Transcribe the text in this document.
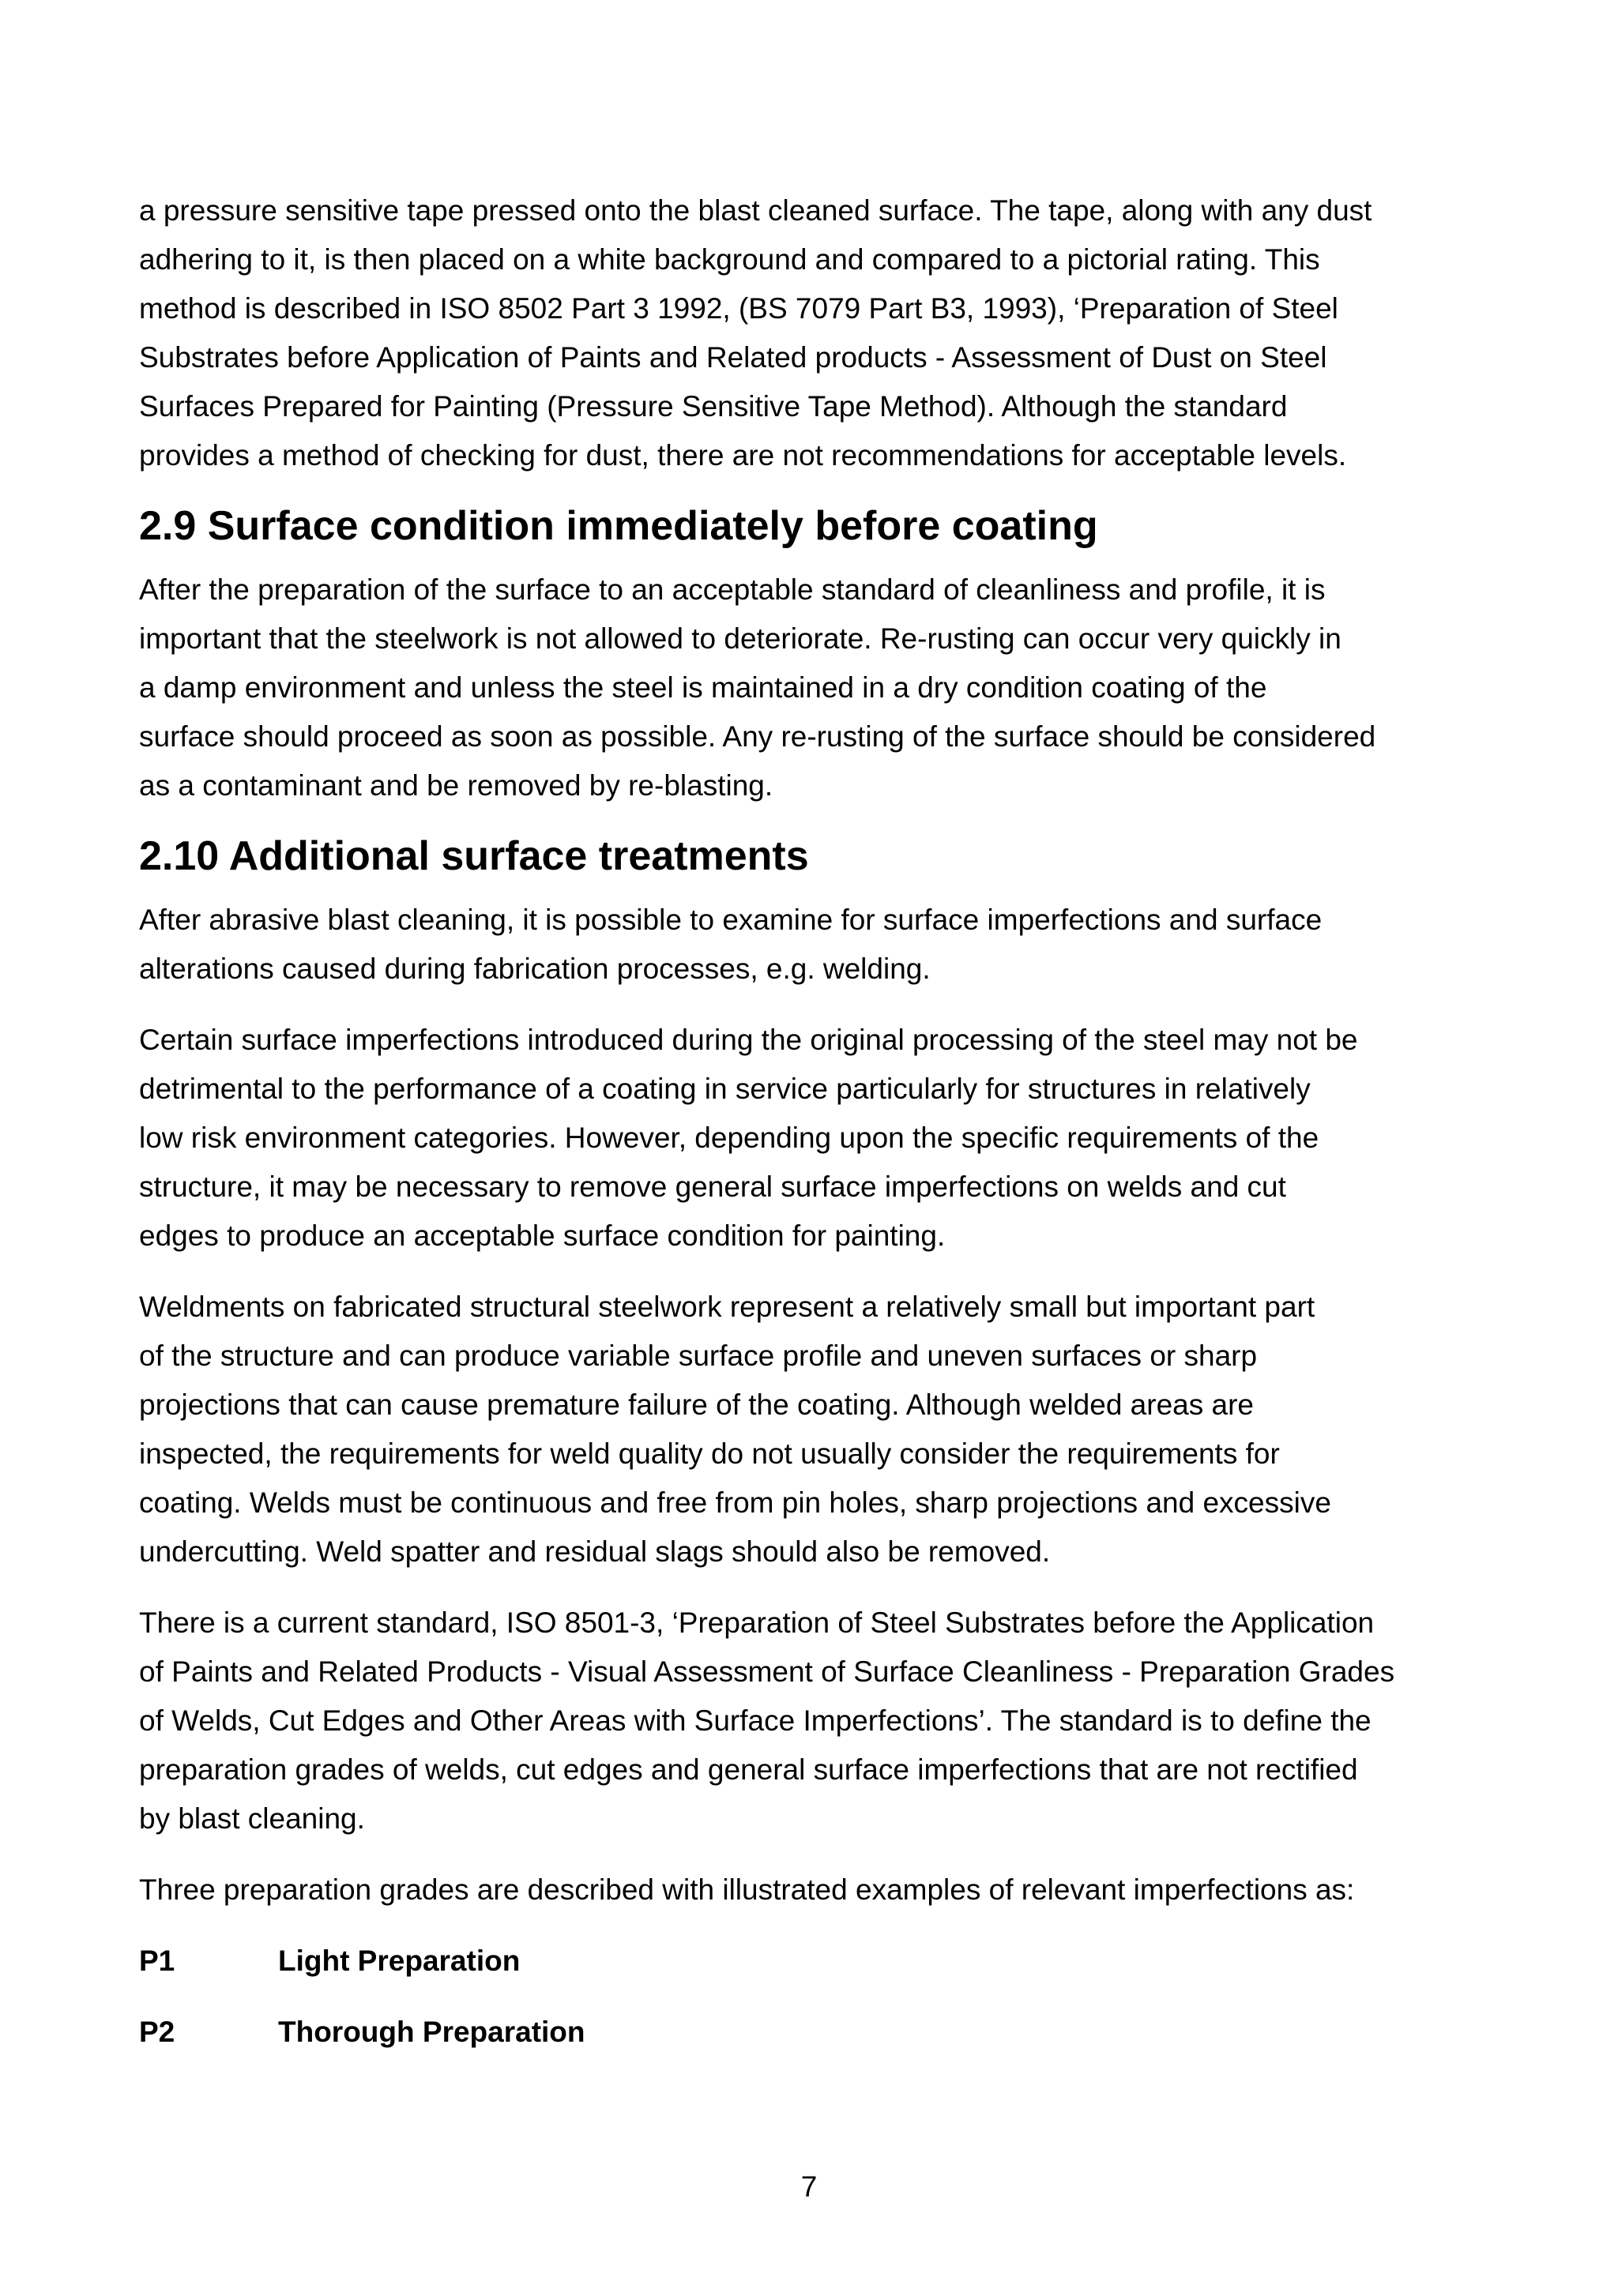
a pressure sensitive tape pressed onto the blast cleaned surface. The tape, along with any dust
adhering to it, is then placed on a white background and compared to a pictorial rating. This
method is described in ISO 8502 Part 3 1992, (BS 7079 Part B3, 1993), ‘Preparation of Steel
Substrates before Application of Paints and Related products - Assessment of Dust on Steel
Surfaces Prepared for Painting (Pressure Sensitive Tape Method). Although the standard
provides a method of checking for dust, there are not recommendations for acceptable levels.

2.9 Surface condition immediately before coating

After the preparation of the surface to an acceptable standard of cleanliness and profile, it is
important that the steelwork is not allowed to deteriorate. Re-rusting can occur very quickly in
a damp environment and unless the steel is maintained in a dry condition coating of the
surface should proceed as soon as possible. Any re-rusting of the surface should be considered
as a contaminant and be removed by re-blasting.

2.10 Additional surface treatments

After abrasive blast cleaning, it is possible to examine for surface imperfections and surface
alterations caused during fabrication processes, e.g. welding.

Certain surface imperfections introduced during the original processing of the steel may not be
detrimental to the performance of a coating in service particularly for structures in relatively
low risk environment categories. However, depending upon the specific requirements of the
structure, it may be necessary to remove general surface imperfections on welds and cut
edges to produce an acceptable surface condition for painting.

Weldments on fabricated structural steelwork represent a relatively small but important part
of the structure and can produce variable surface profile and uneven surfaces or sharp
projections that can cause premature failure of the coating. Although welded areas are
inspected, the requirements for weld quality do not usually consider the requirements for
coating. Welds must be continuous and free from pin holes, sharp projections and excessive
undercutting. Weld spatter and residual slags should also be removed.

There is a current standard, ISO 8501-3, ‘Preparation of Steel Substrates before the Application
of Paints and Related Products - Visual Assessment of Surface Cleanliness - Preparation Grades
of Welds, Cut Edges and Other Areas with Surface Imperfections’. The standard is to define the
preparation grades of welds, cut edges and general surface imperfections that are not rectified
by blast cleaning.

Three preparation grades are described with illustrated examples of relevant imperfections as:

P1	Light Preparation
P2	Thorough Preparation
7
